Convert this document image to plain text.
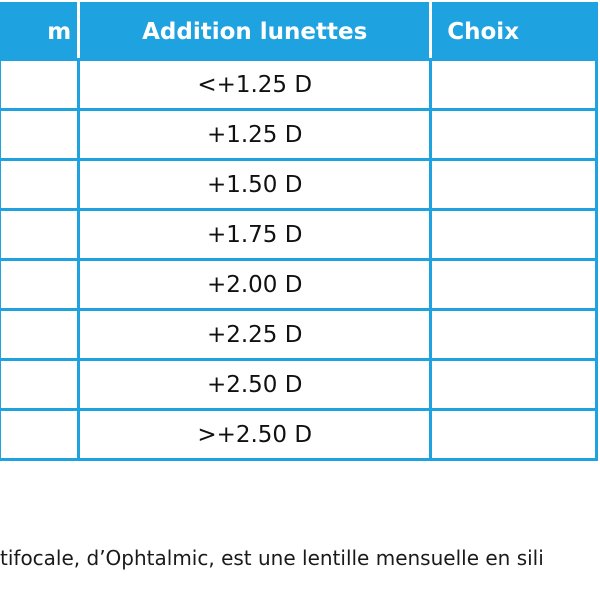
m	Addition lunettes	Choix
	<+1.25 D	
	+1.25 D	
	+1.50 D	
	+1.75 D	
	+2.00 D	
	+2.25 D	
	+2.50 D	
	>+2.50 D	
tifocale, d’Ophtalmic, est une lentille mensuelle en sili
